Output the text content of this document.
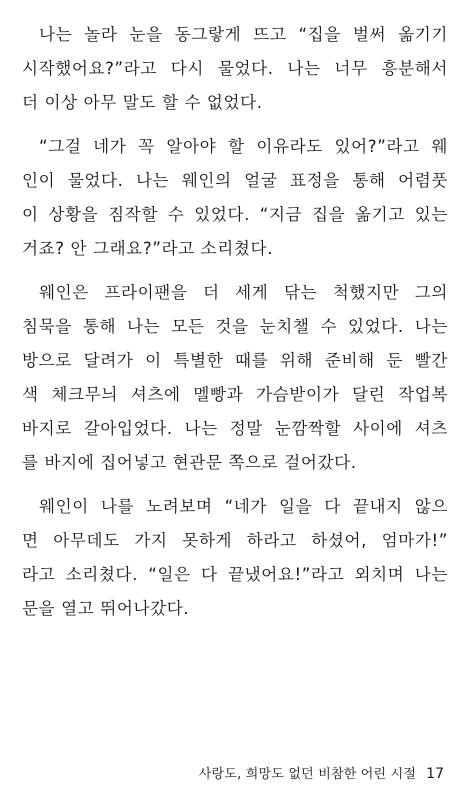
나는 놀라 눈을 동그랗게 뜨고 “집을 벌써 옮기기
시작했어요?”라고 다시 물었다. 나는 너무 흥분해서
더 이상 아무 말도 할 수 없었다.

“그걸 네가 꼭 알아야 할 이유라도 있어?”라고 웨
인이 물었다. 나는 웨인의 얼굴 표정을 통해 어렴풋
이 상황을 짐작할 수 있었다. “지금 집을 옮기고 있는
거죠? 안 그래요?”라고 소리쳤다.

웨인은 프라이팬을 더 세게 닦는 척했지만 그의
침묵을 통해 나는 모든 것을 눈치챌 수 있었다. 나는
방으로 달려가 이 특별한 때를 위해 준비해 둔 빨간
색 체크무늬 셔츠에 멜빵과 가슴받이가 달린 작업복
바지로 갈아입었다. 나는 정말 눈깜짝할 사이에 셔츠
를 바지에 집어넣고 현관문 쪽으로 걸어갔다.

웨인이 나를 노려보며 “네가 일을 다 끝내지 않으
면 아무데도 가지 못하게 하라고 하셨어, 엄마가!”
라고 소리쳤다. “일은 다 끝냈어요!”라고 외치며 나는
문을 열고 뛰어나갔다.

사랑도, 희망도 없던 비참한 어린 시절 17
